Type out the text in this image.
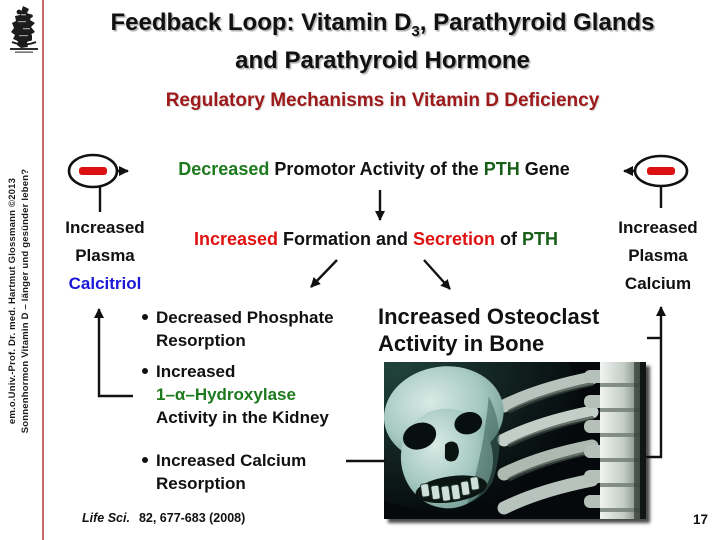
em.o.Univ.-Prof. Dr. med. Hartmut Glossmann ©2013 Sonnenhormon Vitamin D – länger und gesünder leben?
Feedback Loop: Vitamin $D_3$, Parathyroid Glands
and Parathyroid Hormone
Regulatory Mechanisms in Vitamin D Deficiency
Decreased Promotor Activity of the PTH Gene
Increased Formation and Secretion of PTH
Increased
Plasma
Calcitriol
Increased
Plasma
Calcium
Decreased Phosphate Resorption
Increased
1–α–Hydroxylase
Activity in the Kidney
Increased Calcium Resorption
Increased Osteoclast Activity in Bone
Life Sci. 82, 677-683 (2008)	17
